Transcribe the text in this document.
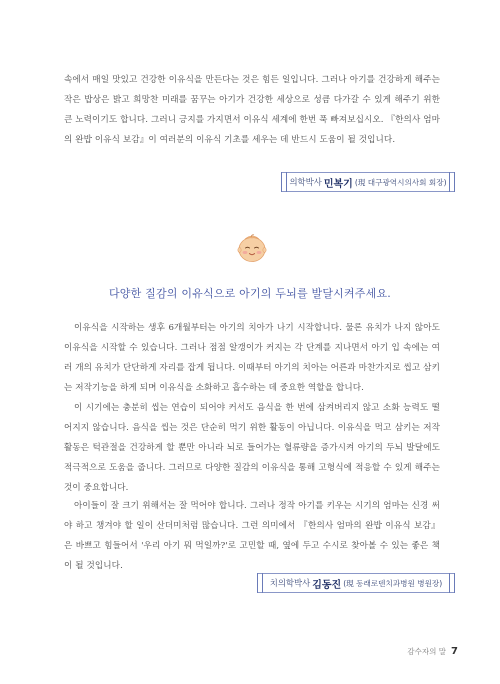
속에서 매일 맛있고 건강한 이유식을 만든다는 것은 힘든 일입니다. 그러나 아기를 건강하게 해주는 작은 밥상은 밝고 희망찬 미래를 꿈꾸는 아기가 건강한 세상으로 성큼 다가갈 수 있게 해주기 위한 큰 노력이기도 합니다. 그러니 긍지를 가지면서 이유식 세계에 한번 푹 빠져보십시오. 『한의사 엄마의 완밥 이유식 보감』이 여러분의 이유식 기초를 세우는 데 반드시 도움이 될 것입니다.

의학박사 민복기 (現 대구광역시의사회 회장)
다양한 질감의 이유식으로 아기의 두뇌를 발달시켜주세요.

이유식을 시작하는 생후 6개월부터는 아기의 치아가 나기 시작합니다. 물론 유치가 나지 않아도 이유식을 시작할 수 있습니다. 그러나 점점 알갱이가 커지는 각 단계를 지나면서 아기 입 속에는 여러 개의 유치가 단단하게 자리를 잡게 됩니다. 이때부터 아기의 치아는 어른과 마찬가지로 씹고 삼키는 저작기능을 하게 되며 이유식을 소화하고 흡수하는 데 중요한 역할을 합니다.

이 시기에는 충분히 씹는 연습이 되어야 커서도 음식을 한 번에 삼켜버리지 않고 소화 능력도 떨어지지 않습니다. 음식을 씹는 것은 단순히 먹기 위한 활동이 아닙니다. 이유식을 먹고 삼키는 저작 활동은 턱관절을 건강하게 할 뿐만 아니라 뇌로 들어가는 혈류량을 증가시켜 아기의 두뇌 발달에도 적극적으로 도움을 줍니다. 그러므로 다양한 질감의 이유식을 통해 고형식에 적응할 수 있게 해주는 것이 중요합니다.

아이들이 잘 크기 위해서는 잘 먹어야 합니다. 그러나 정작 아기를 키우는 시기의 엄마는 신경 써야 하고 챙겨야 할 일이 산더미처럼 많습니다. 그런 의미에서 『한의사 엄마의 완밥 이유식 보감』은 바쁘고 힘들어서 '우리 아기 뭐 먹일까?'로 고민할 때, 옆에 두고 수시로 찾아볼 수 있는 좋은 책이 될 것입니다.

치의학박사 김동진 (現 동래로덴치과병원 병원장)
감수자의 말 7
